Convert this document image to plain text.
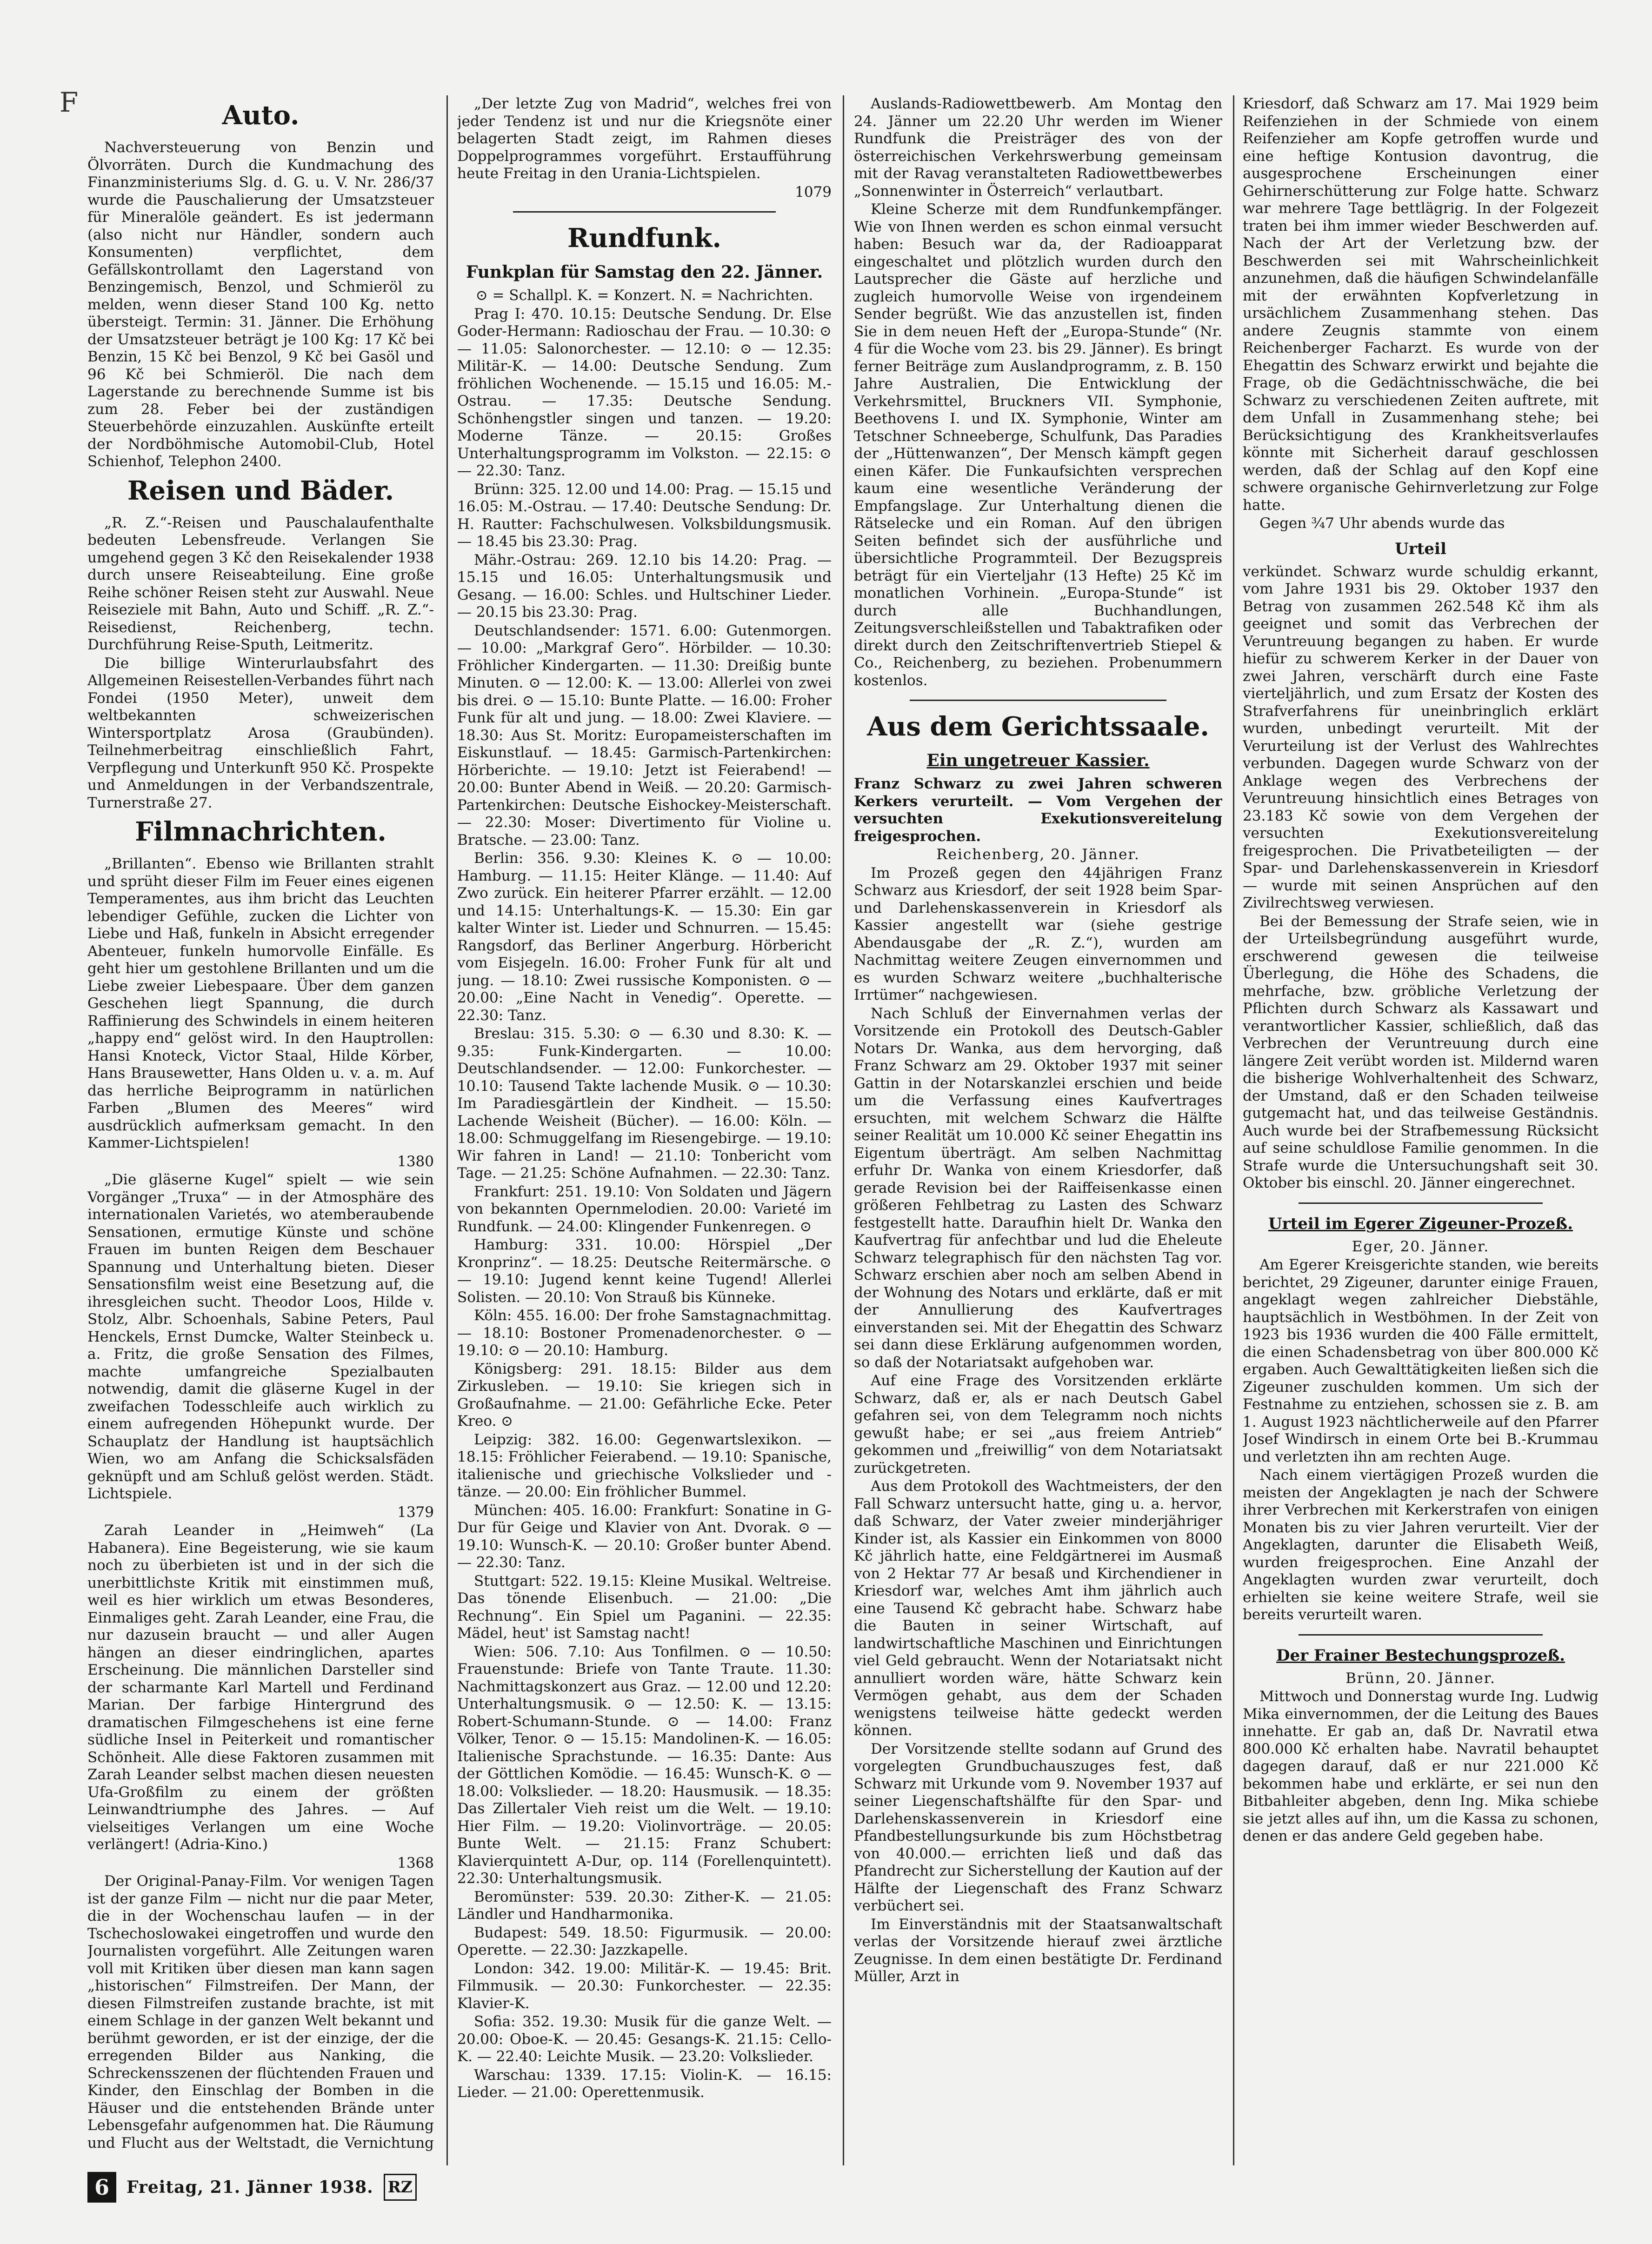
F	Auto.

Nachversteuerung von Benzin und Ölvorräten. Durch die Kundmachung des Finanzministeriums Slg. d. G. u. V. Nr. 286/37 wurde die Pauschalierung der Umsatzsteuer für Mineralöle geändert. Es ist jedermann (also nicht nur Händler, sondern auch Konsumenten) verpflichtet, dem Gefällskontrollamt den Lagerstand von Benzingemisch, Benzol, und Schmieröl zu melden, wenn dieser Stand 100 Kg. netto übersteigt. Termin: 31. Jänner. Die Erhöhung der Umsatzsteuer beträgt je 100 Kg: 17 Kč bei Benzin, 15 Kč bei Benzol, 9 Kč bei Gasöl und 96 Kč bei Schmieröl. Die nach dem Lagerstande zu berechnende Summe ist bis zum 28. Feber bei der zuständigen Steuerbehörde einzuzahlen. Auskünfte erteilt der Nordböhmische Automobil-Club, Hotel Schienhof, Telephon 2400.

Reisen und Bäder.

„R. Z.“-Reisen und Pauschalaufenthalte bedeuten Lebensfreude. Verlangen Sie umgehend gegen 3 Kč den Reisekalender 1938 durch unsere Reiseabteilung. Eine große Reihe schöner Reisen steht zur Auswahl. Neue Reiseziele mit Bahn, Auto und Schiff. „R. Z.“-Reisedienst, Reichenberg, techn. Durchführung Reise-Sputh, Leitmeritz.

Die billige Winterurlaubsfahrt des Allgemeinen Reisestellen-Verbandes führt nach Fondei (1950 Meter), unweit dem weltbekannten schweizerischen Wintersportplatz Arosa (Graubünden). Teilnehmerbeitrag einschließlich Fahrt, Verpflegung und Unterkunft 950 Kč. Prospekte und Anmeldungen in der Verbandszentrale, Turnerstraße 27.

Filmnachrichten.

„Brillanten“. Ebenso wie Brillanten strahlt und sprüht dieser Film im Feuer eines eigenen Temperamentes, aus ihm bricht das Leuchten lebendiger Gefühle, zucken die Lichter von Liebe und Haß, funkeln in Absicht erregender Abenteuer, funkeln humorvolle Einfälle. Es geht hier um gestohlene Brillanten und um die Liebe zweier Liebespaare. Über dem ganzen Geschehen liegt Spannung, die durch Raffinierung des Schwindels in einem heiteren „happy end“ gelöst wird. In den Hauptrollen: Hansi Knoteck, Victor Staal, Hilde Körber, Hans Brausewetter, Hans Olden u. v. a. m. Auf das herrliche Beiprogramm in natürlichen Farben „Blumen des Meeres“ wird ausdrücklich aufmerksam gemacht. In den Kammer-Lichtspielen!

1380

„Die gläserne Kugel“ spielt — wie sein Vorgänger „Truxa“ — in der Atmosphäre des internationalen Varietés, wo atemberaubende Sensationen, ermutige Künste und schöne Frauen im bunten Reigen dem Beschauer Spannung und Unterhaltung bieten. Dieser Sensationsfilm weist eine Besetzung auf, die ihresgleichen sucht. Theodor Loos, Hilde v. Stolz, Albr. Schoenhals, Sabine Peters, Paul Henckels, Ernst Dumcke, Walter Steinbeck u. a. Fritz, die große Sensation des Filmes, machte umfangreiche Spezialbauten notwendig, damit die gläserne Kugel in der zweifachen Todesschleife auch wirklich zu einem aufregenden Höhepunkt wurde. Der Schauplatz der Handlung ist hauptsächlich Wien, wo am Anfang die Schicksalsfäden geknüpft und am Schluß gelöst werden. Städt. Lichtspiele.

1379

Zarah Leander in „Heimweh“ (La Habanera). Eine Begeisterung, wie sie kaum noch zu überbieten ist und in der sich die unerbittlichste Kritik mit einstimmen muß, weil es hier wirklich um etwas Besonderes, Einmaliges geht. Zarah Leander, eine Frau, die nur dazusein braucht — und aller Augen hängen an dieser eindringlichen, apartes Erscheinung. Die männlichen Darsteller sind der scharmante Karl Martell und Ferdinand Marian. Der farbige Hintergrund des dramatischen Filmgeschehens ist eine ferne südliche Insel in Peiterkeit und romantischer Schönheit. Alle diese Faktoren zusammen mit Zarah Leander selbst machen diesen neuesten Ufa-Großfilm zu einem der größten Leinwandtriumphe des Jahres. — Auf vielseitiges Verlangen um eine Woche verlängert! (Adria-Kino.)

1368

Der Original-Panay-Film. Vor wenigen Tagen ist der ganze Film — nicht nur die paar Meter, die in der Wochenschau laufen — in der Tschechoslowakei eingetroffen und wurde den Journalisten vorgeführt. Alle Zeitungen waren voll mit Kritiken über diesen man kann sagen „historischen“ Filmstreifen. Der Mann, der diesen Filmstreifen zustande brachte, ist mit einem Schlage in der ganzen Welt bekannt und berühmt geworden, er ist der einzige, der die erregenden Bilder aus Nanking, die Schreckensszenen der flüchtenden Frauen und Kinder, den Einschlag der Bomben in die Häuser und die entstehenden Brände unter Lebensgefahr aufgenommen hat. Die Räumung und Flucht aus der Weltstadt, die Vernichtung

„Der letzte Zug von Madrid“, welches frei von jeder Tendenz ist und nur die Kriegsnöte einer belagerten Stadt zeigt, im Rahmen dieses Doppelprogrammes vorgeführt. Erstaufführung heute Freitag in den Urania-Lichtspielen.

1079

Rundfunk.
Funkplan für Samstag den 22. Jänner.

⊙ = Schallpl. K. = Konzert. N. = Nachrichten.

Prag I: 470. 10.15: Deutsche Sendung. Dr. Else Goder-Hermann: Radioschau der Frau. — 10.30: ⊙ — 11.05: Salonorchester. — 12.10: ⊙ — 12.35: Militär-K. — 14.00: Deutsche Sendung. Zum fröhlichen Wochenende. — 15.15 und 16.05: M.-Ostrau. — 17.35: Deutsche Sendung. Schönhengstler singen und tanzen. — 19.20: Moderne Tänze. — 20.15: Großes Unterhaltungsprogramm im Volkston. — 22.15: ⊙ — 22.30: Tanz.

Brünn: 325. 12.00 und 14.00: Prag. — 15.15 und 16.05: M.-Ostrau. — 17.40: Deutsche Sendung: Dr. H. Rautter: Fachschulwesen. Volksbildungsmusik. — 18.45 bis 23.30: Prag.

Mähr.-Ostrau: 269. 12.10 bis 14.20: Prag. — 15.15 und 16.05: Unterhaltungsmusik und Gesang. — 16.00: Schles. und Hultschiner Lieder. — 20.15 bis 23.30: Prag.

Deutschlandsender: 1571. 6.00: Gutenmorgen. — 10.00: „Markgraf Gero“. Hörbilder. — 10.30: Fröhlicher Kindergarten. — 11.30: Dreißig bunte Minuten. ⊙ — 12.00: K. — 13.00: Allerlei von zwei bis drei. ⊙ — 15.10: Bunte Platte. — 16.00: Froher Funk für alt und jung. — 18.00: Zwei Klaviere. — 18.30: Aus St. Moritz: Europameisterschaften im Eiskunstlauf. — 18.45: Garmisch-Partenkirchen: Hörberichte. — 19.10: Jetzt ist Feierabend! — 20.00: Bunter Abend in Weiß. — 20.20: Garmisch-Partenkirchen: Deutsche Eishockey-Meisterschaft. — 22.30: Moser: Divertimento für Violine u. Bratsche. — 23.00: Tanz.

Berlin: 356. 9.30: Kleines K. ⊙ — 10.00: Hamburg. — 11.15: Heiter Klänge. — 11.40: Auf Zwo zurück. Ein heiterer Pfarrer erzählt. — 12.00 und 14.15: Unterhaltungs-K. — 15.30: Ein gar kalter Winter ist. Lieder und Schnurren. — 15.45: Rangsdorf, das Berliner Angerburg. Hörbericht vom Eisjegeln. 16.00: Froher Funk für alt und jung. — 18.10: Zwei russische Komponisten. ⊙ — 20.00: „Eine Nacht in Venedig“. Operette. — 22.30: Tanz.

Breslau: 315. 5.30: ⊙ — 6.30 und 8.30: K. — 9.35: Funk-Kindergarten. — 10.00: Deutschlandsender. — 12.00: Funkorchester. — 10.10: Tausend Takte lachende Musik. ⊙ — 10.30: Im Paradiesgärtlein der Kindheit. — 15.50: Lachende Weisheit (Bücher). — 16.00: Köln. — 18.00: Schmuggelfang im Riesengebirge. — 19.10: Wir fahren in Land! — 21.10: Tonbericht vom Tage. — 21.25: Schöne Aufnahmen. — 22.30: Tanz.

Frankfurt: 251. 19.10: Von Soldaten und Jägern von bekannten Opernmelodien. 20.00: Varieté im Rundfunk. — 24.00: Klingender Funkenregen. ⊙

Hamburg: 331. 10.00: Hörspiel „Der Kronprinz“. — 18.25: Deutsche Reitermärsche. ⊙ — 19.10: Jugend kennt keine Tugend! Allerlei Solisten. — 20.10: Von Strauß bis Künneke.

Köln: 455. 16.00: Der frohe Samstagnachmittag. — 18.10: Bostoner Promenadenorchester. ⊙ — 19.10: ⊙ — 20.10: Hamburg.

Königsberg: 291. 18.15: Bilder aus dem Zirkusleben. — 19.10: Sie kriegen sich in Großaufnahme. — 21.00: Gefährliche Ecke. Peter Kreo. ⊙

Leipzig: 382. 16.00: Gegenwartslexikon. — 18.15: Fröhlicher Feierabend. — 19.10: Spanische, italienische und griechische Volkslieder und -tänze. — 20.00: Ein fröhlicher Bummel.

München: 405. 16.00: Frankfurt: Sonatine in G-Dur für Geige und Klavier von Ant. Dvorak. ⊙ — 19.10: Wunsch-K. — 20.10: Großer bunter Abend. — 22.30: Tanz.

Stuttgart: 522. 19.15: Kleine Musikal. Weltreise. Das tönende Elisenbuch. — 21.00: „Die Rechnung“. Ein Spiel um Paganini. — 22.35: Mädel, heut' ist Samstag nacht!

Wien: 506. 7.10: Aus Tonfilmen. ⊙ — 10.50: Frauenstunde: Briefe von Tante Traute. 11.30: Nachmittagskonzert aus Graz. — 12.00 und 12.20: Unterhaltungsmusik. ⊙ — 12.50: K. — 13.15: Robert-Schumann-Stunde. ⊙ — 14.00: Franz Völker, Tenor. ⊙ — 15.15: Mandolinen-K. — 16.05: Italienische Sprachstunde. — 16.35: Dante: Aus der Göttlichen Komödie. — 16.45: Wunsch-K. ⊙ — 18.00: Volkslieder. — 18.20: Hausmusik. — 18.35: Das Zillertaler Vieh reist um die Welt. — 19.10: Hier Film. — 19.20: Violinvorträge. — 20.05: Bunte Welt. — 21.15: Franz Schubert: Klavierquintett A-Dur, op. 114 (Forellenquintett). 22.30: Unterhaltungsmusik.

Beromünster: 539. 20.30: Zither-K. — 21.05: Ländler und Handharmonika.

Budapest: 549. 18.50: Figurmusik. — 20.00: Operette. — 22.30: Jazzkapelle.

London: 342. 19.00: Militär-K. — 19.45: Brit. Filmmusik. — 20.30: Funkorchester. — 22.35: Klavier-K.

Sofia: 352. 19.30: Musik für die ganze Welt. — 20.00: Oboe-K. — 20.45: Gesangs-K. 21.15: Cello-K. — 22.40: Leichte Musik. — 23.20: Volkslieder.

Warschau: 1339. 17.15: Violin-K. — 16.15: Lieder. — 21.00: Operettenmusik.

Auslands-Radiowettbewerb. Am Montag den 24. Jänner um 22.20 Uhr werden im Wiener Rundfunk die Preisträger des von der österreichischen Verkehrswerbung gemeinsam mit der Ravag veranstalteten Radiowettbewerbes „Sonnenwinter in Österreich“ verlautbart.

Kleine Scherze mit dem Rundfunkempfänger. Wie von Ihnen werden es schon einmal versucht haben: Besuch war da, der Radioapparat eingeschaltet und plötzlich wurden durch den Lautsprecher die Gäste auf herzliche und zugleich humorvolle Weise von irgendeinem Sender begrüßt. Wie das anzustellen ist, finden Sie in dem neuen Heft der „Europa-Stunde“ (Nr. 4 für die Woche vom 23. bis 29. Jänner). Es bringt ferner Beiträge zum Auslandprogramm, z. B. 150 Jahre Australien, Die Entwicklung der Verkehrsmittel, Bruckners VII. Symphonie, Beethovens I. und IX. Symphonie, Winter am Tetschner Schneeberge, Schulfunk, Das Paradies der „Hüttenwanzen“, Der Mensch kämpft gegen einen Käfer. Die Funkaufsichten versprechen kaum eine wesentliche Veränderung der Empfangslage. Zur Unterhaltung dienen die Rätselecke und ein Roman. Auf den übrigen Seiten befindet sich der ausführliche und übersichtliche Programmteil. Der Bezugspreis beträgt für ein Vierteljahr (13 Hefte) 25 Kč im monatlichen Vorhinein. „Europa-Stunde“ ist durch alle Buchhandlungen, Zeitungsverschleißstellen und Tabaktrafiken oder direkt durch den Zeitschriftenvertrieb Stiepel & Co., Reichenberg, zu beziehen. Probenummern kostenlos.

Aus dem Gerichtssaale.
Ein ungetreuer Kassier.

Franz Schwarz zu zwei Jahren schweren Kerkers verurteilt. — Vom Vergehen der versuchten Exekutionsvereitelung freigesprochen.

Reichenberg, 20. Jänner.

Im Prozeß gegen den 44jährigen Franz Schwarz aus Kriesdorf, der seit 1928 beim Spar- und Darlehenskassenverein in Kriesdorf als Kassier angestellt war (siehe gestrige Abendausgabe der „R. Z.“), wurden am Nachmittag weitere Zeugen einvernommen und es wurden Schwarz weitere „buchhalterische Irrtümer“ nachgewiesen.

Nach Schluß der Einvernahmen verlas der Vorsitzende ein Protokoll des Deutsch-Gabler Notars Dr. Wanka, aus dem hervorging, daß Franz Schwarz am 29. Oktober 1937 mit seiner Gattin in der Notarskanzlei erschien und beide um die Verfassung eines Kaufvertrages ersuchten, mit welchem Schwarz die Hälfte seiner Realität um 10.000 Kč seiner Ehegattin ins Eigentum überträgt. Am selben Nachmittag erfuhr Dr. Wanka von einem Kriesdorfer, daß gerade Revision bei der Raiffeisenkasse einen größeren Fehlbetrag zu Lasten des Schwarz festgestellt hatte. Daraufhin hielt Dr. Wanka den Kaufvertrag für anfechtbar und lud die Eheleute Schwarz telegraphisch für den nächsten Tag vor. Schwarz erschien aber noch am selben Abend in der Wohnung des Notars und erklärte, daß er mit der Annullierung des Kaufvertrages einverstanden sei. Mit der Ehegattin des Schwarz sei dann diese Erklärung aufgenommen worden, so daß der Notariatsakt aufgehoben war.

Auf eine Frage des Vorsitzenden erklärte Schwarz, daß er, als er nach Deutsch Gabel gefahren sei, von dem Telegramm noch nichts gewußt habe; er sei „aus freiem Antrieb“ gekommen und „freiwillig“ von dem Notariatsakt zurückgetreten.

Aus dem Protokoll des Wachtmeisters, der den Fall Schwarz untersucht hatte, ging u. a. hervor, daß Schwarz, der Vater zweier minderjähriger Kinder ist, als Kassier ein Einkommen von 8000 Kč jährlich hatte, eine Feldgärtnerei im Ausmaß von 2 Hektar 77 Ar besaß und Kirchendiener in Kriesdorf war, welches Amt ihm jährlich auch eine Tausend Kč gebracht habe. Schwarz habe die Bauten in seiner Wirtschaft, auf landwirtschaftliche Maschinen und Einrichtungen viel Geld gebraucht. Wenn der Notariatsakt nicht annulliert worden wäre, hätte Schwarz kein Vermögen gehabt, aus dem der Schaden wenigstens teilweise hätte gedeckt werden können.

Der Vorsitzende stellte sodann auf Grund des vorgelegten Grundbuchauszuges fest, daß Schwarz mit Urkunde vom 9. November 1937 auf seiner Liegenschaftshälfte für den Spar- und Darlehenskassenverein in Kriesdorf eine Pfandbestellungsurkunde bis zum Höchstbetrag von 40.000.— errichten ließ und daß das Pfandrecht zur Sicherstellung der Kaution auf der Hälfte der Liegenschaft des Franz Schwarz verbüchert sei.

Im Einverständnis mit der Staatsanwaltschaft verlas der Vorsitzende hierauf zwei ärztliche Zeugnisse. In dem einen bestätigte Dr. Ferdinand Müller, Arzt in

Kriesdorf, daß Schwarz am 17. Mai 1929 beim Reifenziehen in der Schmiede von einem Reifenzieher am Kopfe getroffen wurde und eine heftige Kontusion davontrug, die ausgesprochene Erscheinungen einer Gehirnerschütterung zur Folge hatte. Schwarz war mehrere Tage bettlägrig. In der Folgezeit traten bei ihm immer wieder Beschwerden auf. Nach der Art der Verletzung bzw. der Beschwerden sei mit Wahrscheinlichkeit anzunehmen, daß die häufigen Schwindelanfälle mit der erwähnten Kopfverletzung in ursächlichem Zusammenhang stehen. Das andere Zeugnis stammte von einem Reichenberger Facharzt. Es wurde von der Ehegattin des Schwarz erwirkt und bejahte die Frage, ob die Gedächtnisschwäche, die bei Schwarz zu verschiedenen Zeiten auftrete, mit dem Unfall in Zusammenhang stehe; bei Berücksichtigung des Krankheitsverlaufes könnte mit Sicherheit darauf geschlossen werden, daß der Schlag auf den Kopf eine schwere organische Gehirnverletzung zur Folge hatte.

Gegen ¾7 Uhr abends wurde das

Urteil

verkündet. Schwarz wurde schuldig erkannt, vom Jahre 1931 bis 29. Oktober 1937 den Betrag von zusammen 262.548 Kč ihm als geeignet und somit das Verbrechen der Veruntreuung begangen zu haben. Er wurde hiefür zu schwerem Kerker in der Dauer von zwei Jahren, verschärft durch eine Faste vierteljährlich, und zum Ersatz der Kosten des Strafverfahrens für uneinbringlich erklärt wurden, unbedingt verurteilt. Mit der Verurteilung ist der Verlust des Wahlrechtes verbunden. Dagegen wurde Schwarz von der Anklage wegen des Verbrechens der Veruntreuung hinsichtlich eines Betrages von 23.183 Kč sowie von dem Vergehen der versuchten Exekutionsvereitelung freigesprochen. Die Privatbeteiligten — der Spar- und Darlehenskassenverein in Kriesdorf — wurde mit seinen Ansprüchen auf den Zivilrechtsweg verwiesen.

Bei der Bemessung der Strafe seien, wie in der Urteilsbegründung ausgeführt wurde, erschwerend gewesen die teilweise Überlegung, die Höhe des Schadens, die mehrfache, bzw. gröbliche Verletzung der Pflichten durch Schwarz als Kassawart und verantwortlicher Kassier, schließlich, daß das Verbrechen der Veruntreuung durch eine längere Zeit verübt worden ist. Mildernd waren die bisherige Wohlverhaltenheit des Schwarz, der Umstand, daß er den Schaden teilweise gutgemacht hat, und das teilweise Geständnis. Auch wurde bei der Strafbemessung Rücksicht auf seine schuldlose Familie genommen. In die Strafe wurde die Untersuchungshaft seit 30. Oktober bis einschl. 20. Jänner eingerechnet.

Urteil im Egerer Zigeuner-Prozeß.

Eger, 20. Jänner.

Am Egerer Kreisgerichte standen, wie bereits berichtet, 29 Zigeuner, darunter einige Frauen, angeklagt wegen zahlreicher Diebstähle, hauptsächlich in Westböhmen. In der Zeit von 1923 bis 1936 wurden die 400 Fälle ermittelt, die einen Schadensbetrag von über 800.000 Kč ergaben. Auch Gewalttätigkeiten ließen sich die Zigeuner zuschulden kommen. Um sich der Festnahme zu entziehen, schossen sie z. B. am 1. August 1923 nächtlicherweile auf den Pfarrer Josef Windirsch in einem Orte bei B.-Krummau und verletzten ihn am rechten Auge.

Nach einem viertägigen Prozeß wurden die meisten der Angeklagten je nach der Schwere ihrer Verbrechen mit Kerkerstrafen von einigen Monaten bis zu vier Jahren verurteilt. Vier der Angeklagten, darunter die Elisabeth Weiß, wurden freigesprochen. Eine Anzahl der Angeklagten wurden zwar verurteilt, doch erhielten sie keine weitere Strafe, weil sie bereits verurteilt waren.

Der Frainer Bestechungsprozeß.

Brünn, 20. Jänner.

Mittwoch und Donnerstag wurde Ing. Ludwig Mika einvernommen, der die Leitung des Baues innehatte. Er gab an, daß Dr. Navratil etwa 800.000 Kč erhalten habe. Navratil behauptet dagegen darauf, daß er nur 221.000 Kč bekommen habe und erklärte, er sei nun den Bitbahleiter abgeben, denn Ing. Mika schiebe sie jetzt alles auf ihn, um die Kassa zu schonen, denen er das andere Geld gegeben habe.

6	Freitag, 21. Jänner 1938. RZ
